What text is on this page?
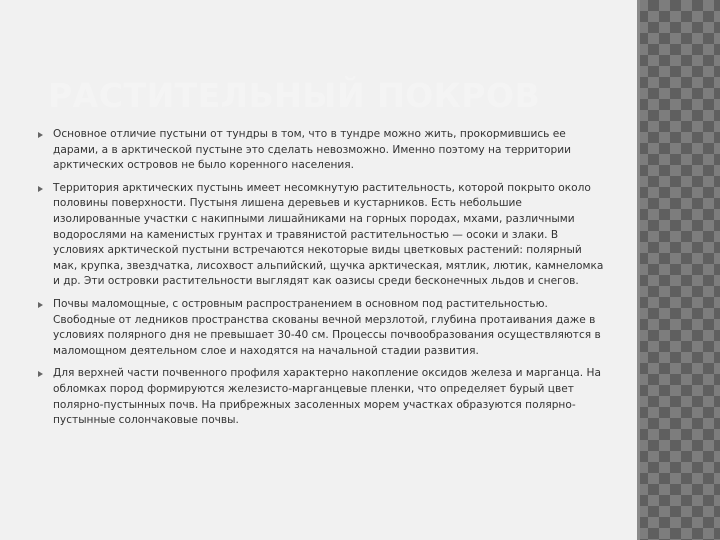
РАСТИТЕЛЬНЫЙ ПОКРОВ
Основное отличие пустыни от тундры в том, что в тундре можно жить, прокормившись ее дарами, а в арктической пустыне это сделать невозможно. Именно поэтому на территории арктических островов не было коренного населения.
Территория арктических пустынь имеет несомкнутую растительность, которой покрыто около половины поверхности. Пустыня лишена деревьев и кустарников. Есть небольшие изолированные участки с накипными лишайниками на горных породах, мхами, различными водорослями на каменистых грунтах и травянистой растительностью — осоки и злаки. В условиях арктической пустыни встречаются некоторые виды цветковых растений: полярный мак, крупка, звездчатка, лисохвост альпийский, щучка арктическая, мятлик, лютик, камнеломка и др. Эти островки растительности выглядят как оазисы среди бесконечных льдов и снегов.
Почвы маломощные, с островным распространением в основном под растительностью. Свободные от ледников пространства скованы вечной мерзлотой, глубина протаивания даже в условиях полярного дня не превышает 30-40 см. Процессы почвообразования осуществляются в маломощном деятельном слое и находятся на начальной стадии развития.
Для верхней части почвенного профиля характерно накопление оксидов железа и марганца. На обломках пород формируются железисто-марганцевые пленки, что определяет бурый цвет полярно-пустынных почв. На прибрежных засоленных морем участках образуются полярно-пустынные солончаковые почвы.
